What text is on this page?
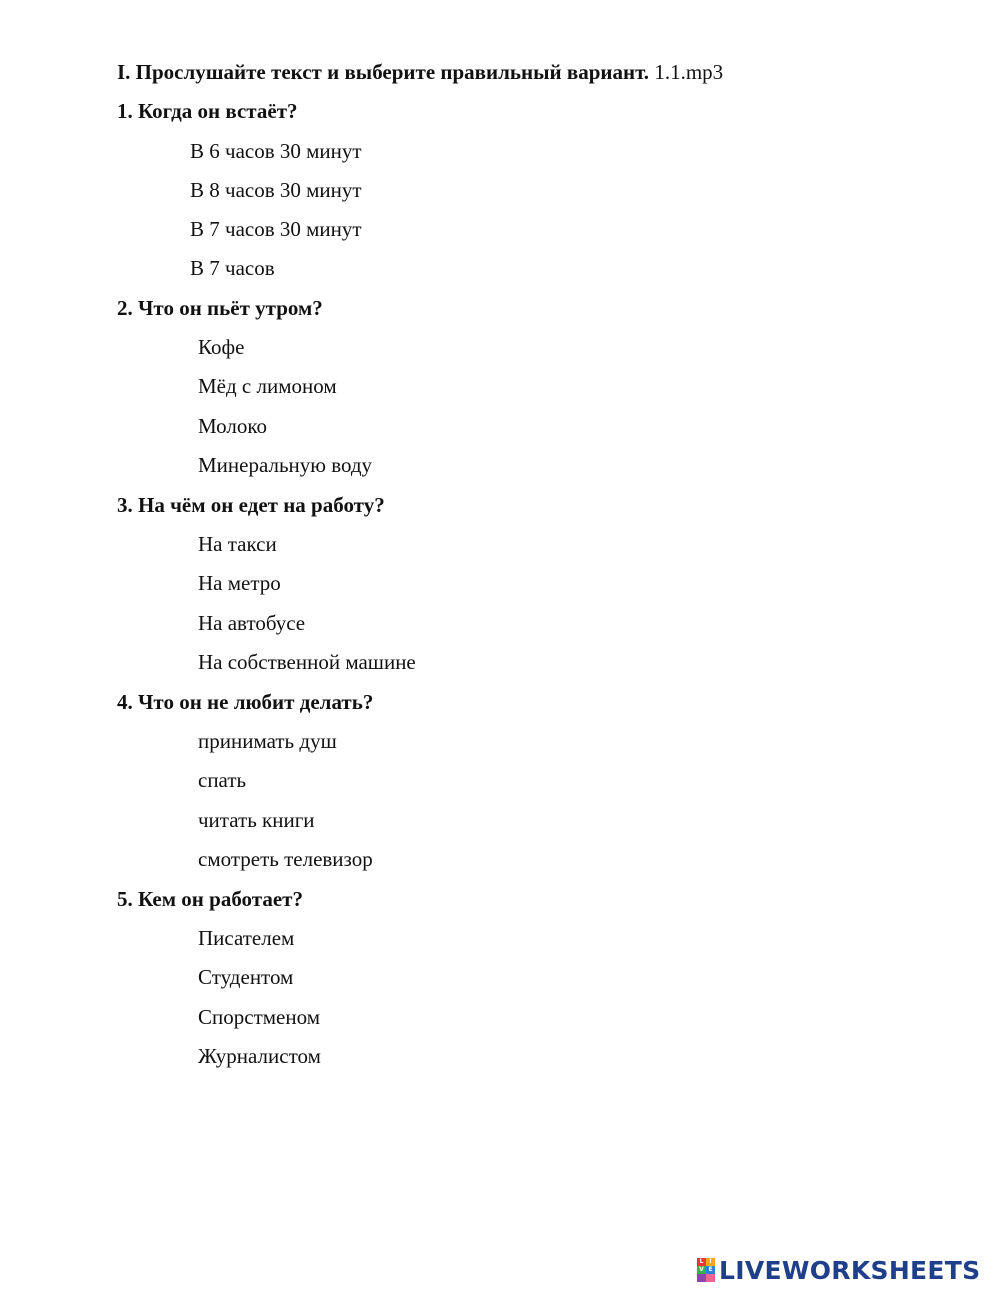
I. Прослушайте текст и выберите правильный вариант. 1.1.mp3
1. Когда он встаёт?
В 6 часов 30 минут
В 8 часов 30 минут
В 7 часов 30 минут
В 7 часов
2. Что он пьёт утром?
Кофе
Мёд с лимоном
Молоко
Минеральную воду
3. На чём он едет на работу?
На такси
На метро
На автобусе
На собственной машине
4. Что он не любит делать?
принимать душ
спать
читать книги
смотреть телевизор
5. Кем он работает?
Писателем
Студентом
Спорстменом
Журналистом
L I
V E LIVEWORKSHEETS
